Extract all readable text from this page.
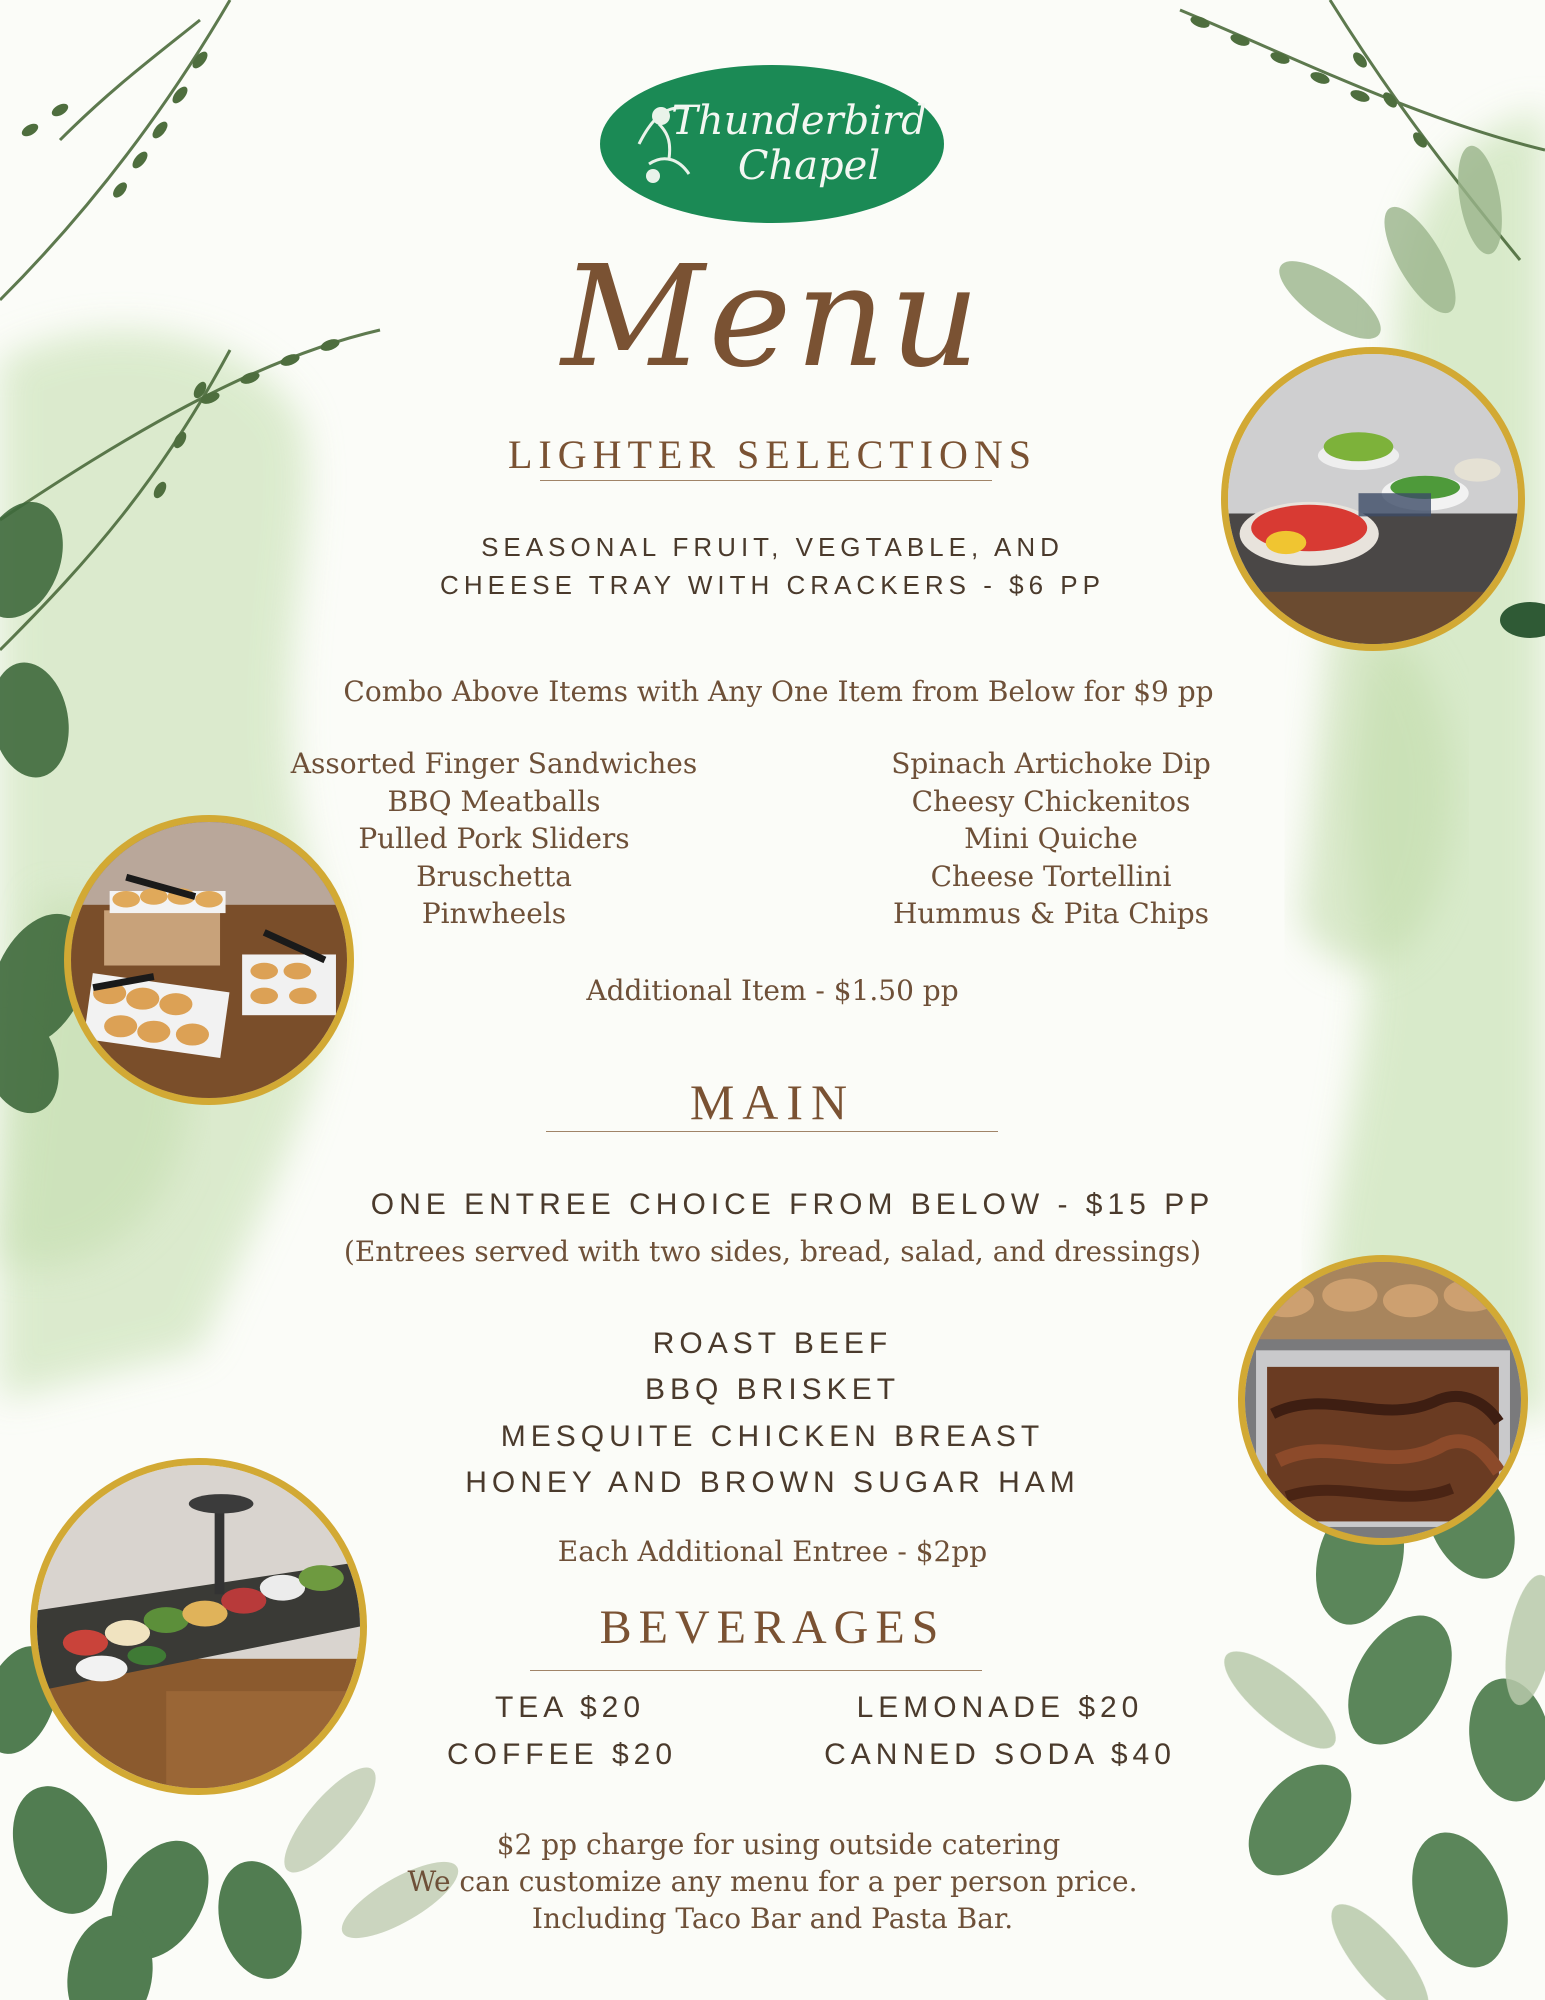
Thunderbird
Chapel
Menu
LIGHTER SELECTIONS
SEASONAL FRUIT, VEGTABLE, AND
CHEESE TRAY WITH CRACKERS - $6 PP
Combo Above Items with Any One Item from Below for $9 pp
Assorted Finger Sandwiches
BBQ Meatballs
Pulled Pork Sliders
Bruschetta
Pinwheels
Spinach Artichoke Dip
Cheesy Chickenitos
Mini Quiche
Cheese Tortellini
Hummus & Pita Chips
Additional Item - $1.50 pp
MAIN
ONE ENTREE CHOICE FROM BELOW - $15 PP
(Entrees served with two sides, bread, salad, and dressings)
ROAST BEEF
BBQ BRISKET
MESQUITE CHICKEN BREAST
HONEY AND BROWN SUGAR HAM
Each Additional Entree - $2pp
BEVERAGES
TEA $20
COFFEE $20
LEMONADE $20
CANNED SODA $40
$2 pp charge for using outside catering
We can customize any menu for a per person price.
Including Taco Bar and Pasta Bar.
